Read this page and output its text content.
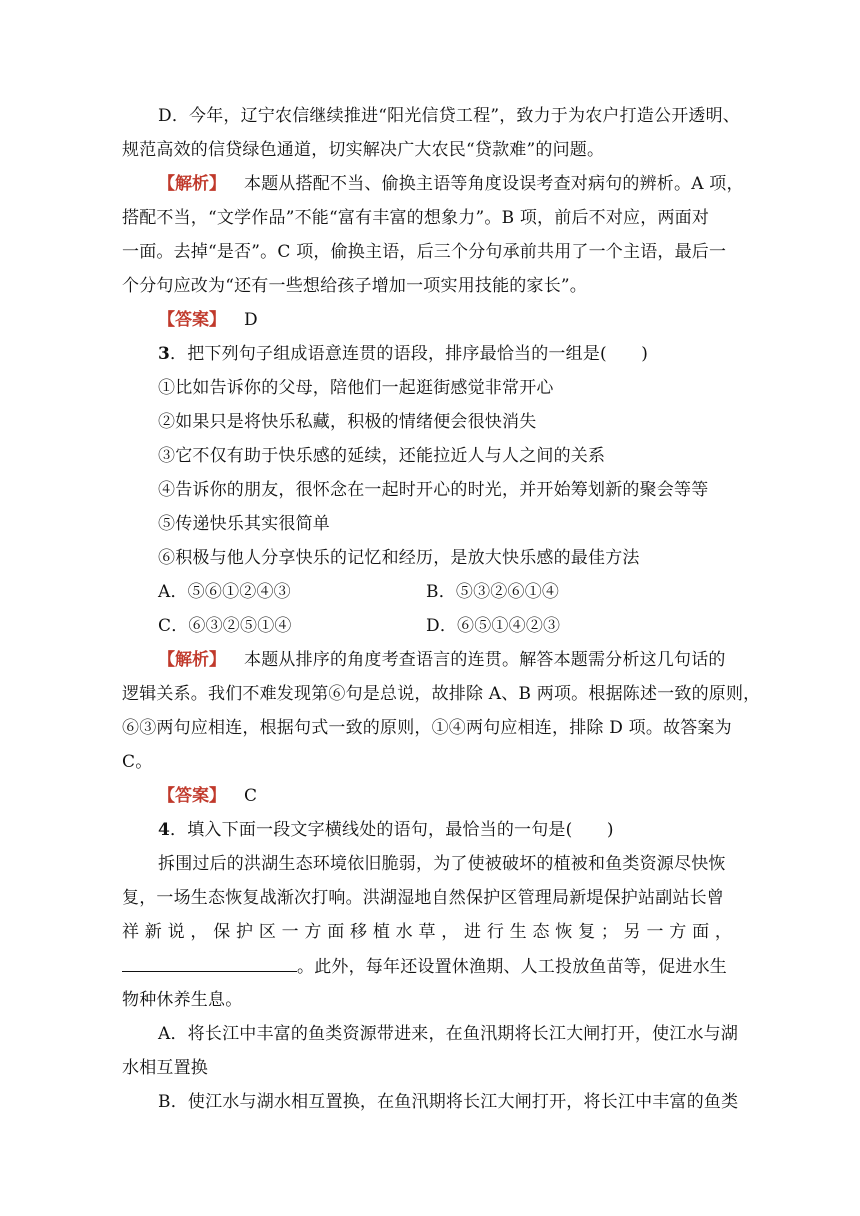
D．今年，辽宁农信继续推进“阳光信贷工程”，致力于为农户打造公开透明、
规范高效的信贷绿色通道，切实解决广大农民“贷款难”的问题。
【解析】 本题从搭配不当、偷换主语等角度设误考查对病句的辨析。A 项，
搭配不当，“文学作品”不能“富有丰富的想象力”。B 项，前后不对应，两面对
一面。去掉“是否”。C 项，偷换主语，后三个分句承前共用了一个主语，最后一
个分句应改为“还有一些想给孩子增加一项实用技能的家长”。
【答案】 D
3．把下列句子组成语意连贯的语段，排序最恰当的一组是(　　)
①比如告诉你的父母，陪他们一起逛街感觉非常开心
②如果只是将快乐私藏，积极的情绪便会很快消失
③它不仅有助于快乐感的延续，还能拉近人与人之间的关系
④告诉你的朋友，很怀念在一起时开心的时光，并开始筹划新的聚会等等
⑤传递快乐其实很简单
⑥积极与他人分享快乐的记忆和经历，是放大快乐感的最佳方法
A．⑤⑥①②④③	B．⑤③②⑥①④
C．⑥③②⑤①④	D．⑥⑤①④②③
【解析】 本题从排序的角度考查语言的连贯。解答本题需分析这几句话的
逻辑关系。我们不难发现第⑥句是总说，故排除 A、B 两项。根据陈述一致的原则，
⑥③两句应相连，根据句式一致的原则，①④两句应相连，排除 D 项。故答案为
C。
【答案】 C
4．填入下面一段文字横线处的语句，最恰当的一句是(　　)
拆围过后的洪湖生态环境依旧脆弱，为了使被破坏的植被和鱼类资源尽快恢
复，一场生态恢复战渐次打响。洪湖湿地自然保护区管理局新堤保护站副站长曾
祥 新 说 ， 保 护 区 一 方 面 移 植 水 草 ， 进 行 生 态 恢 复 ； 另 一 方 面 ，
。此外，每年还设置休渔期、人工投放鱼苗等，促进水生
物种休养生息。
A．将长江中丰富的鱼类资源带进来，在鱼汛期将长江大闸打开，使江水与湖
水相互置换
B．使江水与湖水相互置换，在鱼汛期将长江大闸打开，将长江中丰富的鱼类
